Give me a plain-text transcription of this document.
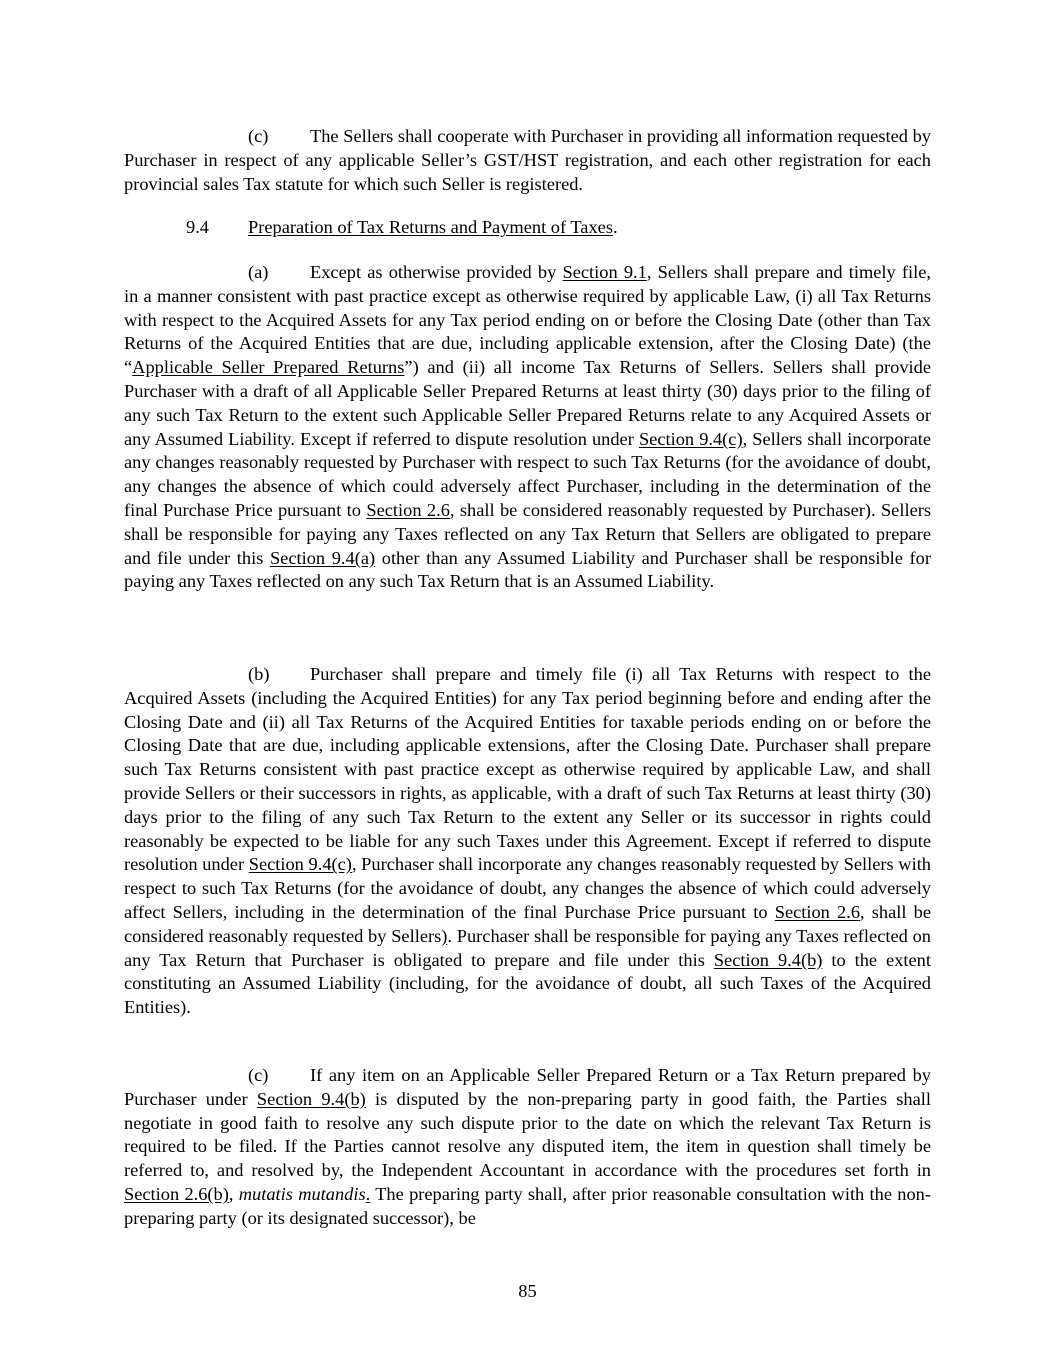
(c) The Sellers shall cooperate with Purchaser in providing all information requested by Purchaser in respect of any applicable Seller’s GST/HST registration, and each other registration for each provincial sales Tax statute for which such Seller is registered.

9.4 Preparation of Tax Returns and Payment of Taxes.

(a) Except as otherwise provided by Section 9.1, Sellers shall prepare and timely file, in a manner consistent with past practice except as otherwise required by applicable Law, (i) all Tax Returns with respect to the Acquired Assets for any Tax period ending on or before the Closing Date (other than Tax Returns of the Acquired Entities that are due, including applicable extension, after the Closing Date) (the “Applicable Seller Prepared Returns”) and (ii) all income Tax Returns of Sellers. Sellers shall provide Purchaser with a draft of all Applicable Seller Prepared Returns at least thirty (30) days prior to the filing of any such Tax Return to the extent such Applicable Seller Prepared Returns relate to any Acquired Assets or any Assumed Liability. Except if referred to dispute resolution under Section 9.4(c), Sellers shall incorporate any changes reasonably requested by Purchaser with respect to such Tax Returns (for the avoidance of doubt, any changes the absence of which could adversely affect Purchaser, including in the determination of the final Purchase Price pursuant to Section 2.6, shall be considered reasonably requested by Purchaser). Sellers shall be responsible for paying any Taxes reflected on any Tax Return that Sellers are obligated to prepare and file under this Section 9.4(a) other than any Assumed Liability and Purchaser shall be responsible for paying any Taxes reflected on any such Tax Return that is an Assumed Liability.

(b) Purchaser shall prepare and timely file (i) all Tax Returns with respect to the Acquired Assets (including the Acquired Entities) for any Tax period beginning before and ending after the Closing Date and (ii) all Tax Returns of the Acquired Entities for taxable periods ending on or before the Closing Date that are due, including applicable extensions, after the Closing Date. Purchaser shall prepare such Tax Returns consistent with past practice except as otherwise required by applicable Law, and shall provide Sellers or their successors in rights, as applicable, with a draft of such Tax Returns at least thirty (30) days prior to the filing of any such Tax Return to the extent any Seller or its successor in rights could reasonably be expected to be liable for any such Taxes under this Agreement. Except if referred to dispute resolution under Section 9.4(c), Purchaser shall incorporate any changes reasonably requested by Sellers with respect to such Tax Returns (for the avoidance of doubt, any changes the absence of which could adversely affect Sellers, including in the determination of the final Purchase Price pursuant to Section 2.6, shall be considered reasonably requested by Sellers). Purchaser shall be responsible for paying any Taxes reflected on any Tax Return that Purchaser is obligated to prepare and file under this Section 9.4(b) to the extent constituting an Assumed Liability (including, for the avoidance of doubt, all such Taxes of the Acquired Entities).

(c) If any item on an Applicable Seller Prepared Return or a Tax Return prepared by Purchaser under Section 9.4(b) is disputed by the non-preparing party in good faith, the Parties shall negotiate in good faith to resolve any such dispute prior to the date on which the relevant Tax Return is required to be filed. If the Parties cannot resolve any disputed item, the item in question shall timely be referred to, and resolved by, the Independent Accountant in accordance with the procedures set forth in Section 2.6(b), mutatis mutandis. The preparing party shall, after prior reasonable consultation with the non-preparing party (or its designated successor), be

85
